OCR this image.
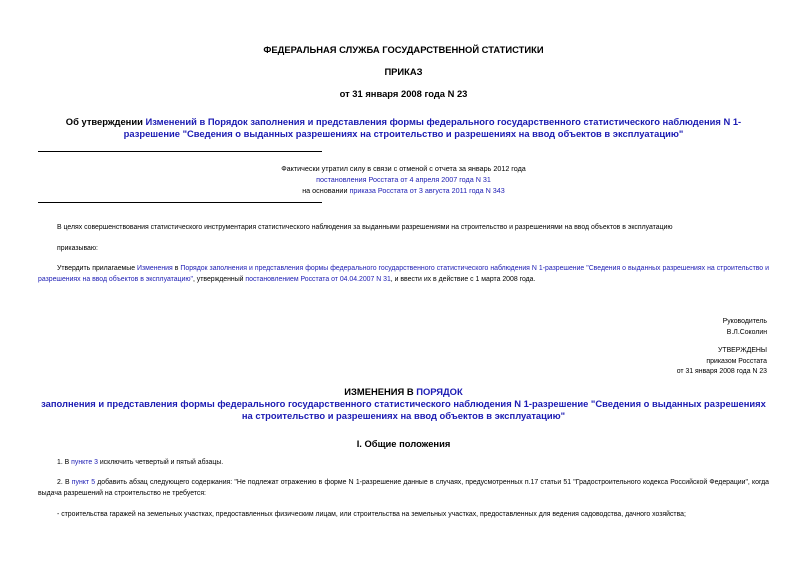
ФЕДЕРАЛЬНАЯ СЛУЖБА ГОСУДАРСТВЕННОЙ СТАТИСТИКИ
ПРИКАЗ
от 31 января 2008 года N 23
Об утверждении Изменений в Порядок заполнения и представления формы федерального государственного статистического наблюдения N 1-разрешение "Сведения о выданных разрешениях на строительство и разрешениях на ввод объектов в эксплуатацию"
Фактически утратил силу в связи с отменой с отчета за январь 2012 года
постановления Росстата от 4 апреля 2007 года N 31
на основании приказа Росстата от 3 августа 2011 года N 343
В целях совершенствования статистического инструментария статистического наблюдения за выданными разрешениями на строительство и разрешениями на ввод объектов в эксплуатацию
приказываю:
Утвердить прилагаемые Изменения в Порядок заполнения и представления формы федерального государственного статистического наблюдения N 1-разрешение "Сведения о выданных разрешениях на строительство и разрешениях на ввод объектов в эксплуатацию", утвержденный постановлением Росстата от 04.04.2007 N 31, и ввести их в действие с 1 марта 2008 года.
Руководитель
В.Л.Соколин
УТВЕРЖДЕНЫ
приказом Росстата
от 31 января 2008 года N 23
ИЗМЕНЕНИЯ В ПОРЯДОК
заполнения и представления формы федерального государственного статистического наблюдения N 1-разрешение "Сведения о выданных разрешениях на строительство и разрешениях на ввод объектов в эксплуатацию"
I. Общие положения
1. В пункте 3 исключить четвертый и пятый абзацы.
2. В пункт 5 добавить абзац следующего содержания: "Не подлежат отражению в форме N 1-разрешение данные в случаях, предусмотренных п.17 статьи 51 "Градостроительного кодекса Российской Федерации", когда выдача разрешений на строительство не требуется:
- строительства гаражей на земельных участках, предоставленных физическим лицам, или строительства на земельных участках, предоставленных для ведения садоводства, дачного хозяйства;
